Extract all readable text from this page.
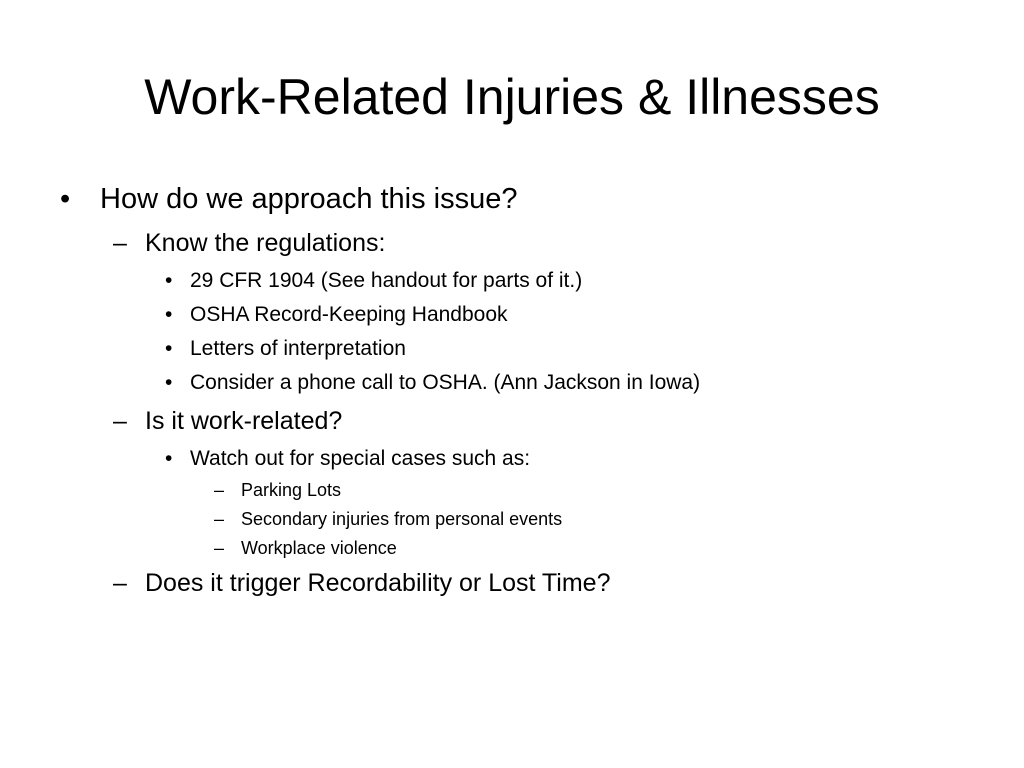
Work-Related Injuries & Illnesses
• How do we approach this issue?
– Know the regulations:
• 29 CFR 1904 (See handout for parts of it.)
• OSHA Record-Keeping Handbook
• Letters of interpretation
• Consider a phone call to OSHA. (Ann Jackson in Iowa)
– Is it work-related?
• Watch out for special cases such as:
– Parking Lots
– Secondary injuries from personal events
– Workplace violence
– Does it trigger Recordability or Lost Time?
